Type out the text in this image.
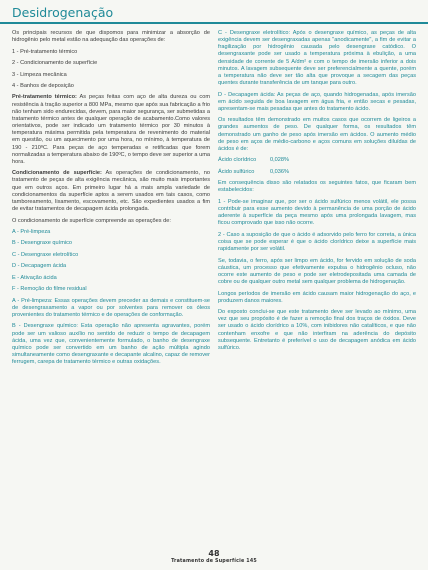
Desidrogenação

Os principais recursos de que dispomos para minimizar a absorção de hidrogênio pelo metal estão na adequação das operações de:

1 - Pré-tratamento térmico

2 - Condicionamento de superfície

3 - Limpeza mecânica

4 - Banhos de deposição

Pré-tratamento térmico: As peças feitas com aço de alta dureza ou com resistência à tração superior a 800 MPa, mesmo que após sua fabricação a frio não tenham sido endurecidas, devem, para maior segurança, ser submetidas a tratamento térmico antes de qualquer operação de acabamento.Como valores orientativos, pode ser indicado um tratamento térmico por 30 minutos à temperatura máxima permitida pela temperatura de revenimento do material em questão, ou um aquecimento por uma hora, no mínimo, à temperatura de 190 - 210ºC. Para peças de aço temperadas e retificadas que forem normalizadas a temperatura abaixo de 190ºC, o tempo deve ser superior a uma hora.

Condicionamento de superfície: As operações de condicionamento, no tratamento de peças de alta exigência mecânica, são muito mais importantes que em outros aços. Em primeiro lugar há a mais ampla variedade de condicionamentos da superfície aptos a serem usados em tais casos, como tamboreamento, lixamento, escovamento, etc. São expedientes usados a fim de evitar tratamentos de decapagem ácida prolongada.

O condicionamento de superfície compreende as operações de:

A - Pré-limpeza

B - Desengraxe químico

C - Desengraxe eletrolítico

D - Decapagem ácida

E - Ativação ácida

F - Remoção do filme residual

A - Pré-limpeza: Essas operações devem preceder as demais e constituem-se de desengraxamento a vapor ou por solventes para remover os óleos provenientes do tratamento térmico e de operações de conformação.

B - Desengraxe químico: Esta operação não apresenta agravantes, porém pode ser um valioso auxílio no sentido de reduzir o tempo de decapagem ácida, uma vez que, convenientemente formulado, o banho de desengraxe químico pode ser convertido em um banho de ação múltipla agindo simultaneamente como desengraxante e decapante alcalino, capaz de remover ferrugem, carepa de tratamento térmico e outras oxidações.

C - Desengraxe eletrolítico: Após o desengraxe químico, as peças de alta exigência devem ser desengraxadas apenas "anodicamente", a fim de evitar a fragilização por hidrogênio causada pelo desengraxe catódico. O desengraxante pode ser usado a temperatura próxima à ebulição, a uma densidade de corrente de 5 A/dm² e com o tempo de imersão inferior a dois minutos. A lavagem subsequente deve ser preferencialmente a quente, porém a temperatura não deve ser tão alta que provoque a secagem das peças quentes durante transferência de um tanque para outro.

D - Decapagem ácida: As peças de aço, quando hidrogenadas, após imersão em ácido seguida de boa lavagem em água fria, e então secas e pesadas, apresentam-se mais pesadas que antes do tratamento ácido.

Os resultados têm demonstrado em muitos casos que ocorrem de ligeiros a grandes aumentos de peso. De qualquer forma, os resultados têm demonstrado um ganho de peso após imersão em ácidos. O aumento médio de peso em aços de médio-carbono e aços comuns em soluções diluídas de ácidos é de:

Ácido clorídrico	0,028%

Ácido sulfúrico	0,036%

Em consequência disso são relatados os seguintes fatos, que ficaram bem estabelecidos:

1 - Pode-se imaginar que, por ser o ácido sulfúrico menos volátil, ele possa contribuir para esse aumento devido à permanência de uma porção de ácido aderente à superfície da peça mesmo após uma prolongada lavagem, mas ficou comprovado que isso não ocorre.

2 - Caso a suposição de que o ácido é adsorvido pelo ferro for correta, a única coisa que se pode esperar é que o ácido clorídrico deixe a superfície mais rapidamente por ser volátil.

Se, todavia, o ferro, após ser limpo em ácido, for fervido em solução de soda cáustica, um processo que efetivamente expulsa o hidrogênio ocluso, não ocorre este aumento de peso e pode ser eletrodepositada uma camada de cobre ou de qualquer outro metal sem qualquer problema de hidrogenação.

Longos períodos de imersão em ácido causam maior hidrogenação do aço, e produzem danos maiores.

Do exposto conclui-se que este tratamento deve ser levado ao mínimo, uma vez que seu propósito é de fazer a remoção final dos traços de óxidos. Deve ser usado o ácido clorídrico a 10%, com inibidores não catalíticos, e que não contenham enxofre e que não interfiram na aderência do depósito subsequente. Entretanto é preferível o uso de decapagem anódica em ácido sulfúrico.

48
Tratamento de Superfície 145
